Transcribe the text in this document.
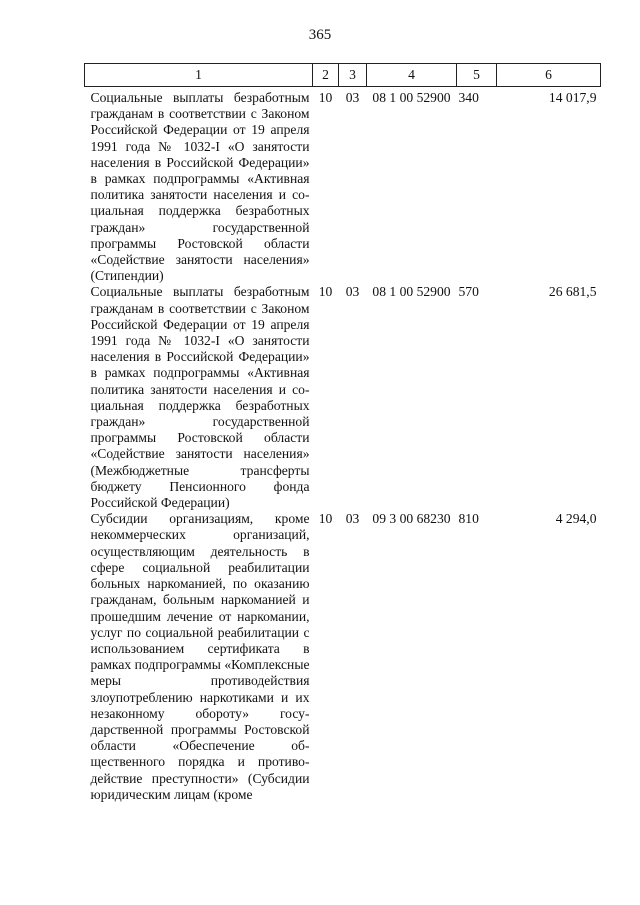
365
1	2	3	4	5	6
Социальные выплаты безработным гражданам в соответствии с Законом Российской Федерации от 19 апреля 1991 года № 1032-I «О занятости населения в Российской Федерации» в рамках подпрограммы «Активная политика занятости населения и социальная поддержка безработных граждан» государственной программы Ростовской области «Содействие занятости населения» (Стипендии)	10	03	08 1 00 52900	340	14 017,9
Социальные выплаты безработным гражданам в соответствии с Законом Российской Федерации от 19 апреля 1991 года № 1032-I «О занятости населения в Российской Федерации» в рамках подпрограммы «Активная политика занятости населения и социальная поддержка безработных граждан» государственной программы Ростовской области «Содействие занятости населения» (Межбюджетные трансферты бюджету Пенсионного фонда Российской Федерации)	10	03	08 1 00 52900	570	26 681,5
Субсидии организациям, кроме некоммерческих организаций, осуществляющим деятельность в сфере социальной реабилитации больных наркоманией, по оказанию гражданам, больным наркоманией и прошедшим лечение от наркомании, услуг по социальной реабилитации с использованием сертификата в рамках подпрограммы «Комплексные меры противодействия злоупотреблению наркотиками и их незаконному обороту» государственной программы Ростовской области «Обеспечение общественного порядка и противодействие преступности» (Субсидии юридическим лицам (кроме	10	03	09 3 00 68230	810	4 294,0
